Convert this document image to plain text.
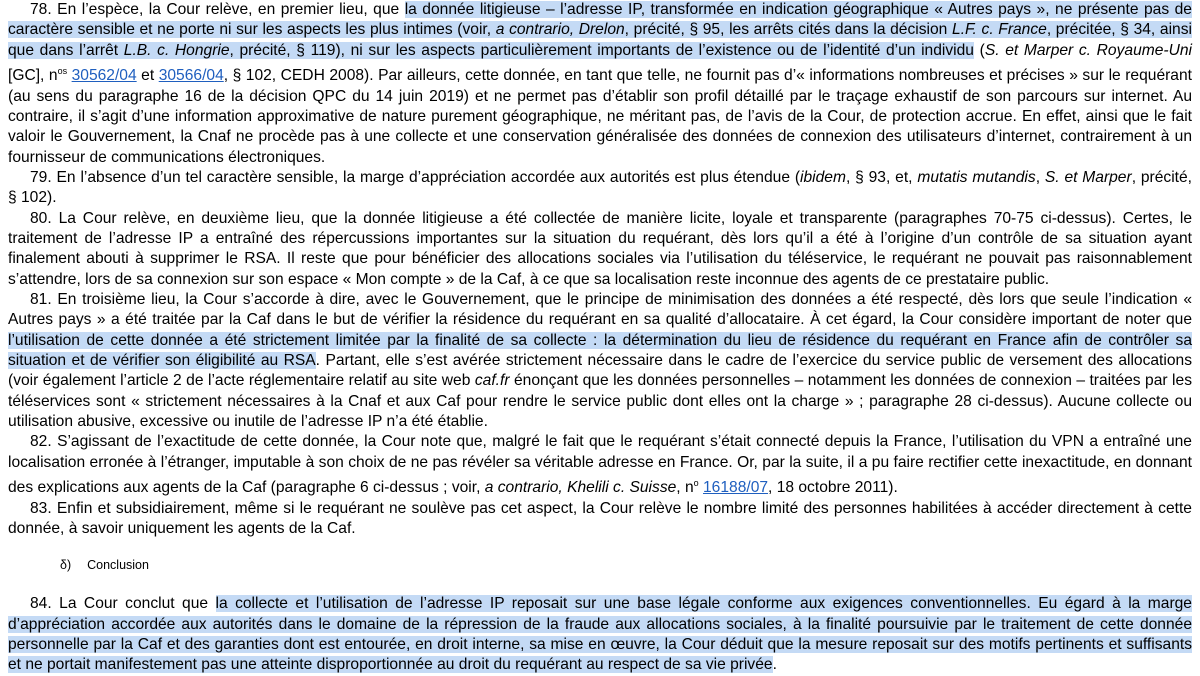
78. En l’espèce, la Cour relève, en premier lieu, que la donnée litigieuse – l’adresse IP, transformée en indication géographique « Autres pays », ne présente pas de caractère sensible et ne porte ni sur les aspects les plus intimes (voir, a contrario, Drelon, précité, § 95, les arrêts cités dans la décision L.F. c. France, précitée, § 34, ainsi que dans l’arrêt L.B. c. Hongrie, précité, § 119), ni sur les aspects particulièrement importants de l’existence ou de l’identité d’un individu (S. et Marper c. Royaume-Uni [GC], $n^{os}$ 30562/04 et 30566/04, § 102, CEDH 2008). Par ailleurs, cette donnée, en tant que telle, ne fournit pas d’« informations nombreuses et précises » sur le requérant (au sens du paragraphe 16 de la décision QPC du 14 juin 2019) et ne permet pas d’établir son profil détaillé par le traçage exhaustif de son parcours sur internet. Au contraire, il s’agit d’une information approximative de nature purement géographique, ne méritant pas, de l’avis de la Cour, de protection accrue. En effet, ainsi que le fait valoir le Gouvernement, la Cnaf ne procède pas à une collecte et une conservation généralisée des données de connexion des utilisateurs d’internet, contrairement à un fournisseur de communications électroniques.

79. En l’absence d’un tel caractère sensible, la marge d’appréciation accordée aux autorités est plus étendue (ibidem, § 93, et, mutatis mutandis, S. et Marper, précité, § 102).

80. La Cour relève, en deuxième lieu, que la donnée litigieuse a été collectée de manière licite, loyale et transparente (paragraphes 70-75 ci-dessus). Certes, le traitement de l’adresse IP a entraîné des répercussions importantes sur la situation du requérant, dès lors qu’il a été à l’origine d’un contrôle de sa situation ayant finalement abouti à supprimer le RSA. Il reste que pour bénéficier des allocations sociales via l’utilisation du téléservice, le requérant ne pouvait pas raisonnablement s’attendre, lors de sa connexion sur son espace « Mon compte » de la Caf, à ce que sa localisation reste inconnue des agents de ce prestataire public.

81. En troisième lieu, la Cour s’accorde à dire, avec le Gouvernement, que le principe de minimisation des données a été respecté, dès lors que seule l’indication « Autres pays » a été traitée par la Caf dans le but de vérifier la résidence du requérant en sa qualité d’allocataire. À cet égard, la Cour considère important de noter que l’utilisation de cette donnée a été strictement limitée par la finalité de sa collecte : la détermination du lieu de résidence du requérant en France afin de contrôler sa situation et de vérifier son éligibilité au RSA. Partant, elle s’est avérée strictement nécessaire dans le cadre de l’exercice du service public de versement des allocations (voir également l’article 2 de l’acte réglementaire relatif au site web caf.fr énonçant que les données personnelles – notamment les données de connexion – traitées par les téléservices sont « strictement nécessaires à la Cnaf et aux Caf pour rendre le service public dont elles ont la charge » ; paragraphe 28 ci-dessus). Aucune collecte ou utilisation abusive, excessive ou inutile de l’adresse IP n’a été établie.

82. S’agissant de l’exactitude de cette donnée, la Cour note que, malgré le fait que le requérant s’était connecté depuis la France, l’utilisation du VPN a entraîné une localisation erronée à l’étranger, imputable à son choix de ne pas révéler sa véritable adresse en France. Or, par la suite, il a pu faire rectifier cette inexactitude, en donnant des explications aux agents de la Caf (paragraphe 6 ci-dessus ; voir, a contrario, Khelili c. Suisse, $n^o$ 16188/07, 18 octobre 2011).

83. Enfin et subsidiairement, même si le requérant ne soulève pas cet aspect, la Cour relève le nombre limité des personnes habilitées à accéder directement à cette donnée, à savoir uniquement les agents de la Caf.

δ) Conclusion

84. La Cour conclut que la collecte et l’utilisation de l’adresse IP reposait sur une base légale conforme aux exigences conventionnelles. Eu égard à la marge d’appréciation accordée aux autorités dans le domaine de la répression de la fraude aux allocations sociales, à la finalité poursuivie par le traitement de cette donnée personnelle par la Caf et des garanties dont est entourée, en droit interne, sa mise en œuvre, la Cour déduit que la mesure reposait sur des motifs pertinents et suffisants et ne portait manifestement pas une atteinte disproportionnée au droit du requérant au respect de sa vie privée.
